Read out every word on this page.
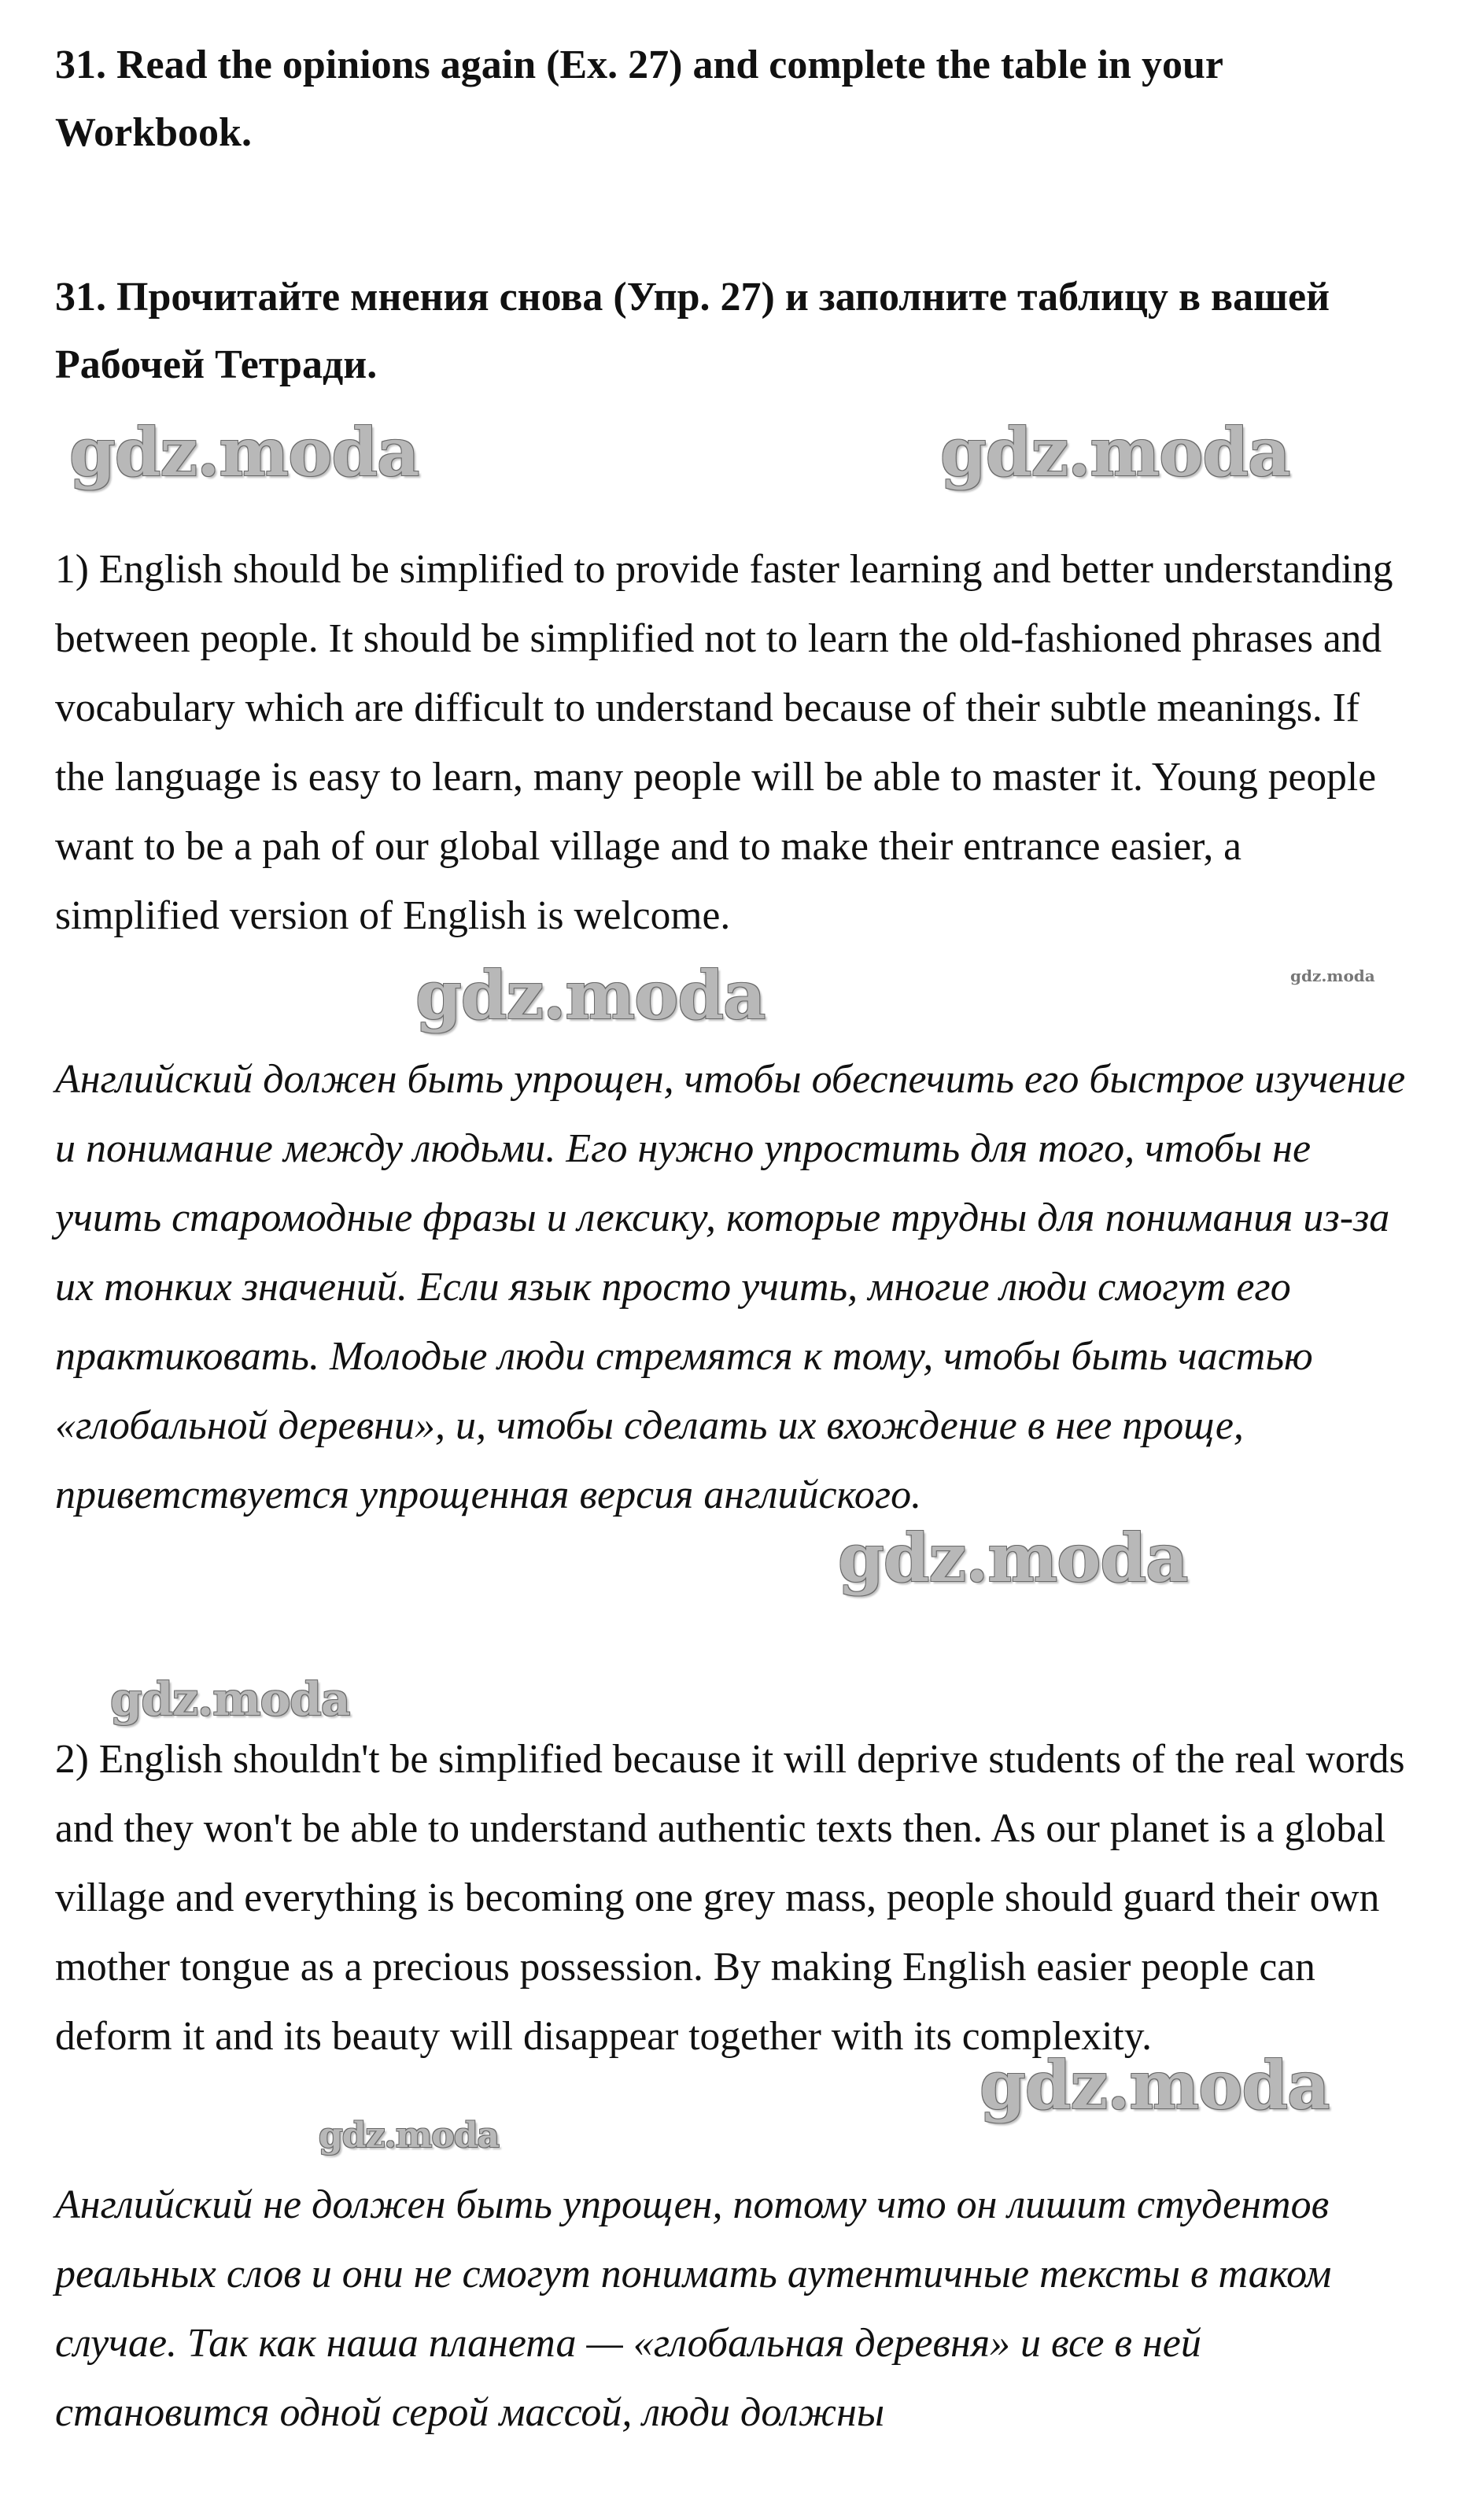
31. Read the opinions again (Ex. 27) and complete the table in your Workbook.

31. Прочитайте мнения снова (Упр. 27) и заполните таблицу в вашей Рабочей Тетради.

gdz.moda	gdz.moda

1) English should be simplified to provide faster learning and better understanding between people. It should be simplified not to learn the old-fashioned phrases and vocabulary which are difficult to understand because of their subtle meanings. If the language is easy to learn, many people will be able to master it. Young people want to be a pah of our global village and to make their entrance easier, a simplified version of English is welcome.

gdz.moda
gdz.moda

Английский должен быть упрощен, чтобы обеспечить его быстрое изучение и понимание между людьми. Его нужно упростить для того, чтобы не учить старомодные фразы и лексику, которые трудны для понимания из-за их тонких значений. Если язык просто учить, многие люди смогут его практиковать. Молодые люди стремятся к тому, чтобы быть частью «глобальной деревни», и, чтобы сделать их вхождение в нее проще, приветствуется упрощенная версия английского.

gdz.moda
gdz.moda

2) English shouldn't be simplified because it will deprive students of the real words and they won't be able to understand authentic texts then. As our planet is a global village and everything is becoming one grey mass, people should guard their own mother tongue as a precious possession. By making English easier people can deform it and its beauty will disappear together with its complexity.

gdz.moda
gdz.moda

Английский не должен быть упрощен, потому что он лишит студентов реальных слов и они не смогут понимать аутентичные тексты в таком случае. Так как наша планета — «глобальная деревня» и все в ней становится одной серой массой, люди должны
